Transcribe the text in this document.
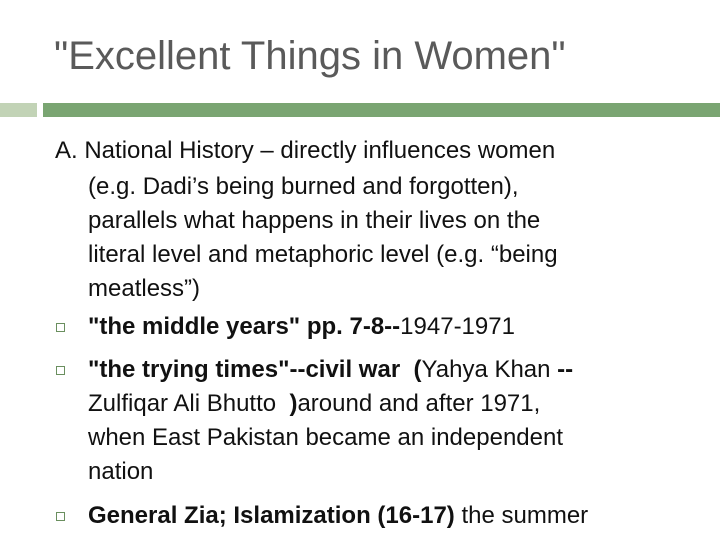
"Excellent Things in Women"
A. National History – directly influences women
(e.g. Dadi’s being burned and forgotten),
parallels what happens in their lives on the
literal level and metaphoric level (e.g. “being
meatless”)
"the middle years" pp. 7-8--1947-1971
"the trying times"--civil war (Yahya Khan --
Zulfiqar Ali Bhutto  )around and after 1971,
when East Pakistan became an independent
nation
General Zia; Islamization (16-17) the summer
